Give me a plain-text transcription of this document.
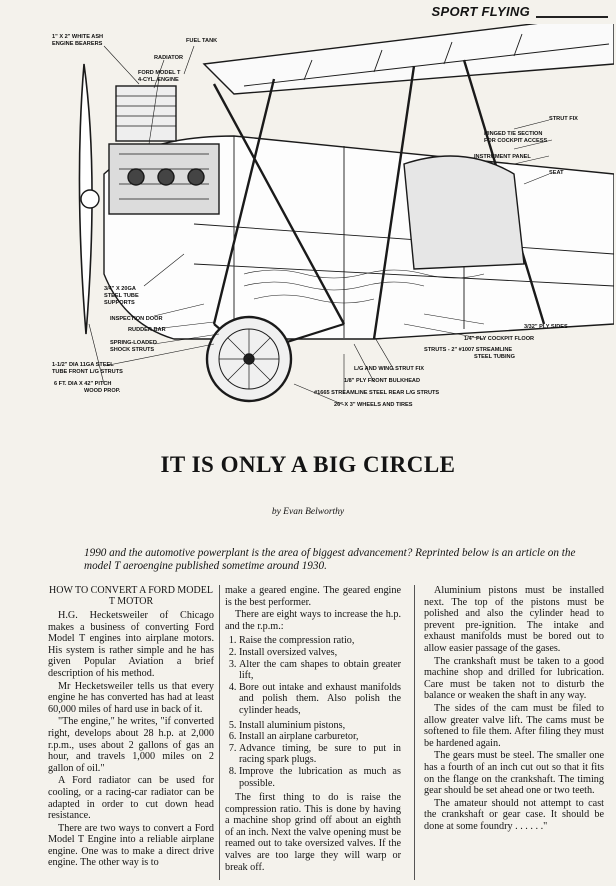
SPORT FLYING
1" X 2" WHITE ASH
ENGINE BEARERS	FUEL TANK
RADIATOR
FORD MODEL T
4-CYL. ENGINE
STRUT FIX
HINGED T/E SECTION
FOR COCKPIT ACCESS
INSTRUMENT PANEL
SEAT
3/4" X 20GA
STEEL TUBE
SUPPORTS
INSPECTION DOOR
RUDDER BAR
SPRING-LOADED
SHOCK STRUTS
1-1/2" DIA 11GA STEEL
TUBE FRONT L/G STRUTS
6 FT. DIA X 42" PITCH
WOOD PROP.
3/32" PLY SIDES
1/4" PLY COCKPIT FLOOR
STRUTS - 2" #1007 STREAMLINE
STEEL TUBING
L/G AND WING STRUT FIX
1/8" PLY FRONT BULKHEAD
#1665 STREAMLINE STEEL REAR L/G STRUTS
26" X 3" WHEELS AND TIRES
IT IS ONLY A BIG CIRCLE
by Evan Belworthy
1990 and the automotive powerplant is the area of biggest advancement? Reprinted below is an article on the model T aeroengine published sometime around 1930.
HOW TO CONVERT A FORD MODEL T MOTOR

H.G. Hecketsweiler of Chicago makes a business of converting Ford Model T engines into airplane motors. His system is rather simple and he has given Popular Aviation a brief description of his method.

Mr Hecketsweiler tells us that every engine he has converted has had at least 60,000 miles of hard use in back of it.

"The engine," he writes, "if converted right, develops about 28 h.p. at 2,000 r.p.m., uses about 2 gallons of gas an hour, and travels 1,000 miles on 2 gallon of oil."

A Ford radiator can be used for cooling, or a racing-car radiator can be adapted in order to cut down head resistance.

There are two ways to convert a Ford Model T Engine into a reliable airplane engine. One was to make a direct drive engine. The other way is to

make a geared engine. The geared engine is the best performer.

There are eight ways to increase the h.p. and the r.p.m.:

1. Raise the compression ratio,
2. Install oversized valves,
3. Alter the cam shapes to obtain greater lift,
4. Bore out intake and exhaust manifolds and polish them. Also polish the cylinder heads,
5. Install aluminium pistons,
6. Install an airplane carburetor,
7. Advance timing, be sure to put in racing spark plugs.
8. Improve the lubrication as much as possible.

The first thing to do is raise the compression ratio. This is done by having a machine shop grind off about an eighth of an inch. Next the valve opening must be reamed out to take oversized valves. If the valves are too large they will warp or break off.

Aluminium pistons must be installed next. The top of the pistons must be polished and also the cylinder head to prevent pre-ignition. The intake and exhaust manifolds must be bored out to allow easier passage of the gases.

The crankshaft must be taken to a good machine shop and drilled for lubrication. Care must be taken not to disturb the balance or weaken the shaft in any way.

The sides of the cam must be filed to allow greater valve lift. The cams must be softened to file them. After filing they must be hardened again.

The gears must be steel. The smaller one has a fourth of an inch cut out so that it fits on the flange on the crankshaft. The timing gear should be set ahead one or two teeth.

The amateur should not attempt to cast the crankshaft or gear case. It should be done at some foundry . . . . . ."
